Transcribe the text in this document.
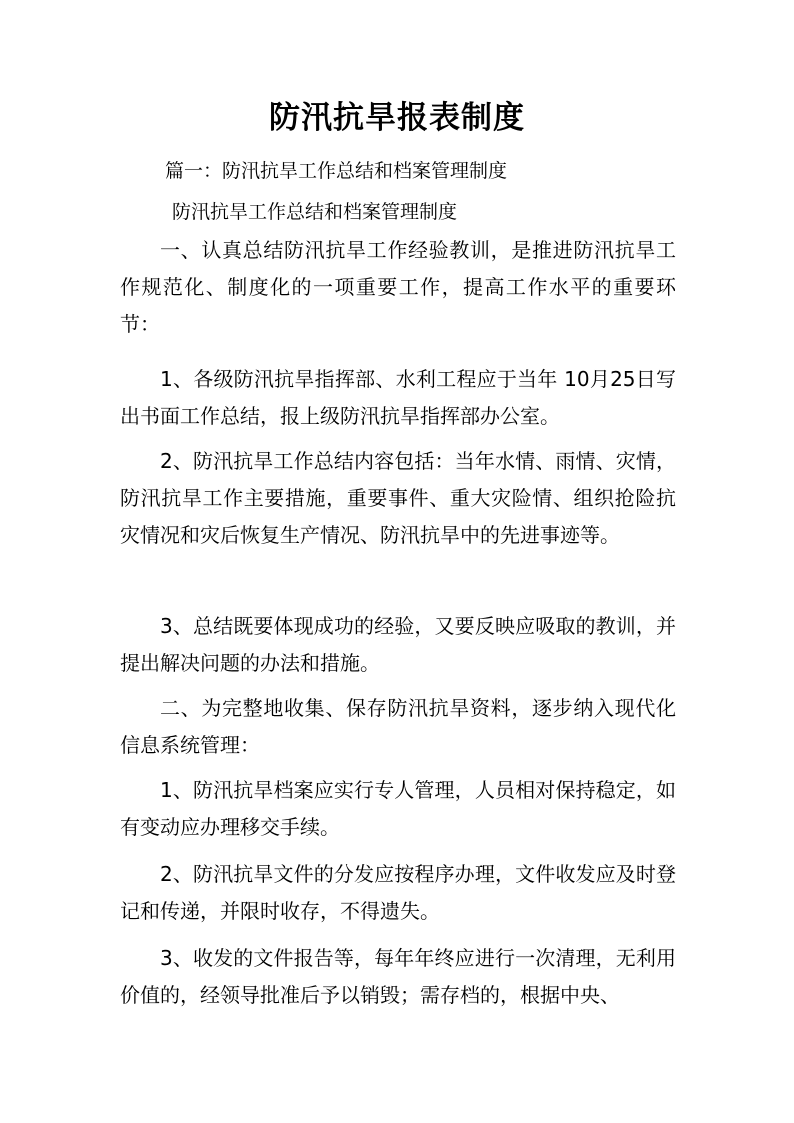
防汛抗旱报表制度
篇一：防汛抗旱工作总结和档案管理制度
防汛抗旱工作总结和档案管理制度

一、认真总结防汛抗旱工作经验教训，是推进防汛抗旱工作规范化、制度化的一项重要工作，提高工作水平的重要环节：

1、各级防汛抗旱指挥部、水利工程应于当年 10月25日写出书面工作总结，报上级防汛抗旱指挥部办公室。

2、防汛抗旱工作总结内容包括：当年水情、雨情、灾情，防汛抗旱工作主要措施，重要事件、重大灾险情、组织抢险抗灾情况和灾后恢复生产情况、防汛抗旱中的先进事迹等。

3、总结既要体现成功的经验，又要反映应吸取的教训，并提出解决问题的办法和措施。

二、为完整地收集、保存防汛抗旱资料，逐步纳入现代化信息系统管理：

1、防汛抗旱档案应实行专人管理，人员相对保持稳定，如有变动应办理移交手续。

2、防汛抗旱文件的分发应按程序办理，文件收发应及时登记和传递，并限时收存，不得遗失。

3、收发的文件报告等，每年年终应进行一次清理，无利用价值的，经领导批准后予以销毁；需存档的，根据中央、
